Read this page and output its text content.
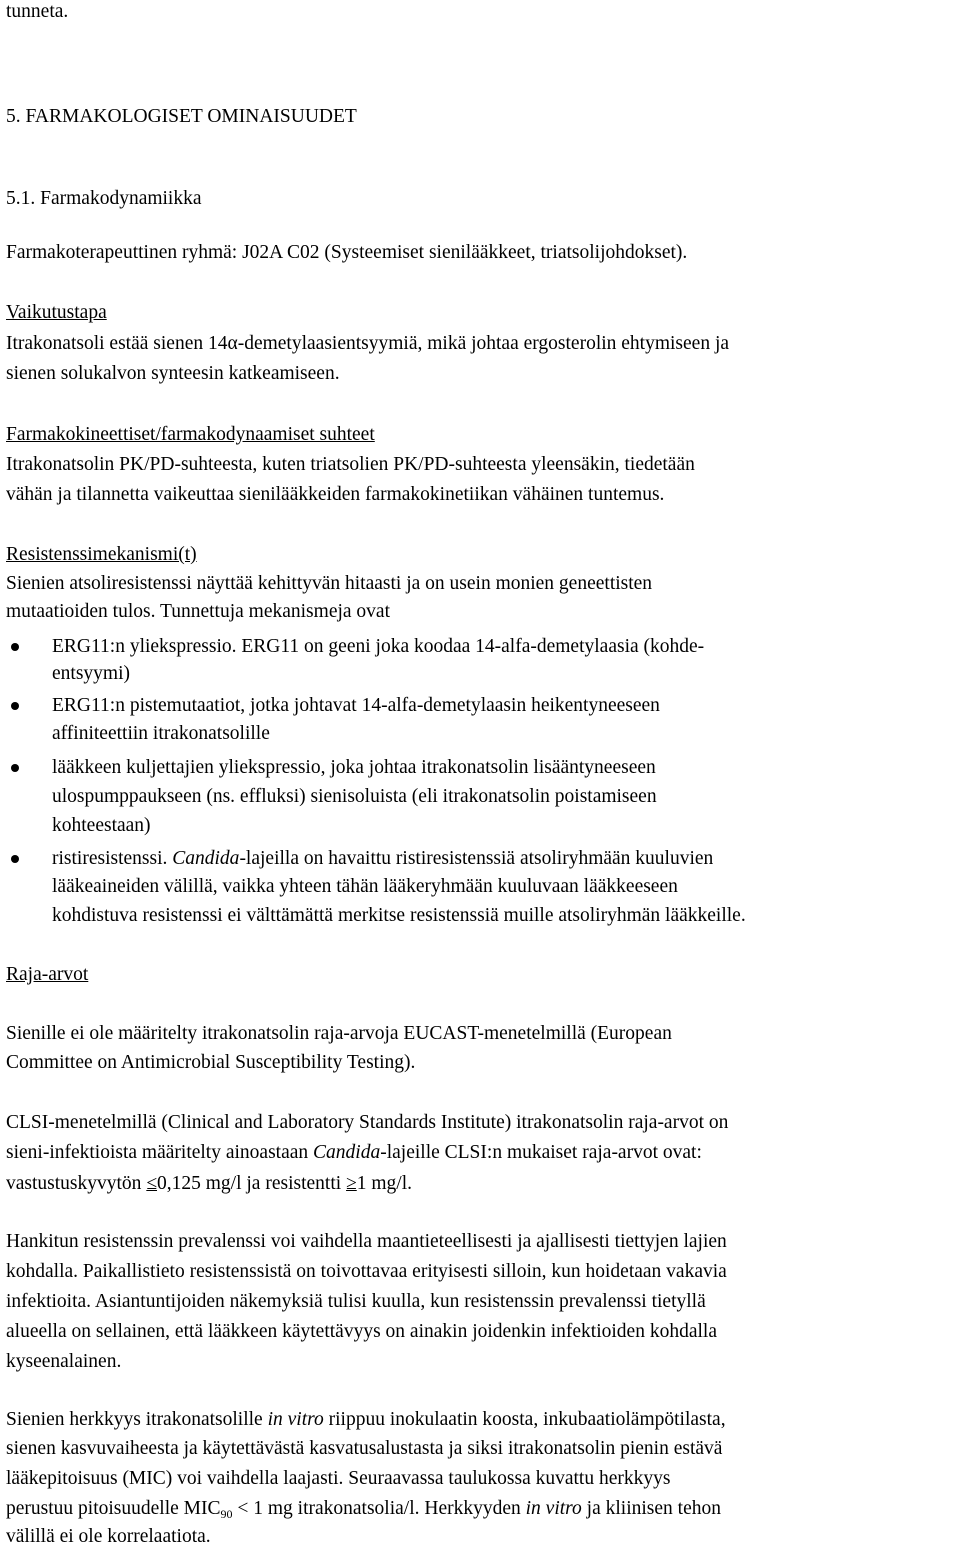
tunneta.
5. FARMAKOLOGISET OMINAISUUDET
5.1. Farmakodynamiikka
Farmakoterapeuttinen ryhmä: J02A C02 (Systeemiset sienilääkkeet, triatsolijohdokset).
Vaikutustapa
Itrakonatsoli estää sienen 14α-demetylaasientsyymiä, mikä johtaa ergosterolin ehtymiseen ja
sienen solukalvon synteesin katkeamiseen.
Farmakokineettiset/farmakodynaamiset suhteet
Itrakonatsolin PK/PD-suhteesta, kuten triatsolien PK/PD-suhteesta yleensäkin, tiedetään
vähän ja tilannetta vaikeuttaa sienilääkkeiden farmakokinetiikan vähäinen tuntemus.
Resistenssimekanismi(t)
Sienien atsoliresistenssi näyttää kehittyvän hitaasti ja on usein monien geneettisten
mutaatioiden tulos. Tunnettuja mekanismeja ovat
ERG11:n yliekspressio. ERG11 on geeni joka koodaa 14-alfa-demetylaasia (kohde-
entsyymi)
ERG11:n pistemutaatiot, jotka johtavat 14-alfa-demetylaasin heikentyneeseen
affiniteettiin itrakonatsolille
lääkkeen kuljettajien yliekspressio, joka johtaa itrakonatsolin lisääntyneeseen
ulospumppaukseen (ns. effluksi) sienisoluista (eli itrakonatsolin poistamiseen
kohteestaan)
ristiresistenssi. Candida-lajeilla on havaittu ristiresistenssiä atsoliryhmään kuuluvien
lääkeaineiden välillä, vaikka yhteen tähän lääkeryhmään kuuluvaan lääkkeeseen
kohdistuva resistenssi ei välttämättä merkitse resistenssiä muille atsoliryhmän lääkkeille.
Raja-arvot
Sienille ei ole määritelty itrakonatsolin raja-arvoja EUCAST-menetelmillä (European
Committee on Antimicrobial Susceptibility Testing).
CLSI-menetelmillä (Clinical and Laboratory Standards Institute) itrakonatsolin raja-arvot on
sieni-infektioista määritelty ainoastaan Candida-lajeille CLSI:n mukaiset raja-arvot ovat:
vastustuskyvytön ≤0,125 mg/l ja resistentti ≥1 mg/l.
Hankitun resistenssin prevalenssi voi vaihdella maantieteellisesti ja ajallisesti tiettyjen lajien
kohdalla. Paikallistieto resistenssistä on toivottavaa erityisesti silloin, kun hoidetaan vakavia
infektioita. Asiantuntijoiden näkemyksiä tulisi kuulla, kun resistenssin prevalenssi tietyllä
alueella on sellainen, että lääkkeen käytettävyys on ainakin joidenkin infektioiden kohdalla
kyseenalainen.
Sienien herkkyys itrakonatsolille in vitro riippuu inokulaatin koosta, inkubaatiolämpötilasta,
sienen kasvuvaiheesta ja käytettävästä kasvatusalustasta ja siksi itrakonatsolin pienin estävä
lääkepitoisuus (MIC) voi vaihdella laajasti. Seuraavassa taulukossa kuvattu herkkyys
perustuu pitoisuudelle $MIC_{90} < 1$ mg itrakonatsolia/l. Herkkyyden in vitro ja kliinisen tehon
välillä ei ole korrelaatiota.
